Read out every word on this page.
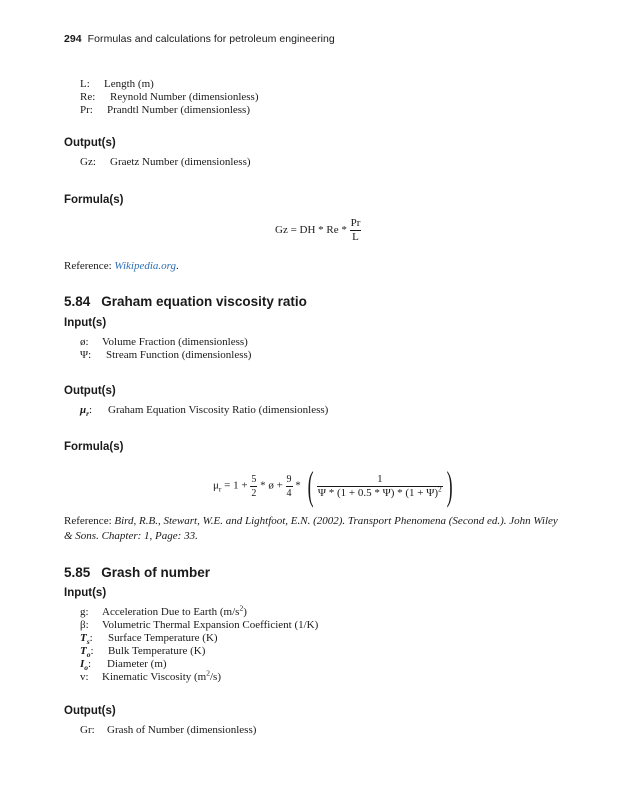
294 Formulas and calculations for petroleum engineering
L: Length (m)
Re: Reynold Number (dimensionless)
Pr: Prandtl Number (dimensionless)
Output(s)
Gz: Graetz Number (dimensionless)
Formula(s)
Gz = DH * Re * $\frac{Pr}{L}$
Reference: Wikipedia.org.
5.84 Graham equation viscosity ratio
Input(s)
ø: Volume Fraction (dimensionless)
Ψ: Stream Function (dimensionless)
Output(s)
$\mu_r$: Graham Equation Viscosity Ratio (dimensionless)
Formula(s)
$\mu_r = 1 + \frac{5}{2}$ * ø + $\frac{9}{4}$ * ( $\frac{1}{\Psi * (1 + 0.5 * \Psi) * (1 + \Psi)^2}$ )
Reference: Bird, R.B., Stewart, W.E. and Lightfoot, E.N. (2002). Transport Phenomena (Second ed.). John Wiley & Sons. Chapter: 1, Page: 33.
5.85 Grash of number
Input(s)
g: Acceleration Due to Earth $(m/s^2)$
β: Volumetric Thermal Expansion Coefficient (1/K)
$T_s$: Surface Temperature (K)
$T_o$: Bulk Temperature (K)
$I_o$: Diameter (m)
v: Kinematic Viscosity $(m^2/s)$
Output(s)
Gr: Grash of Number (dimensionless)
